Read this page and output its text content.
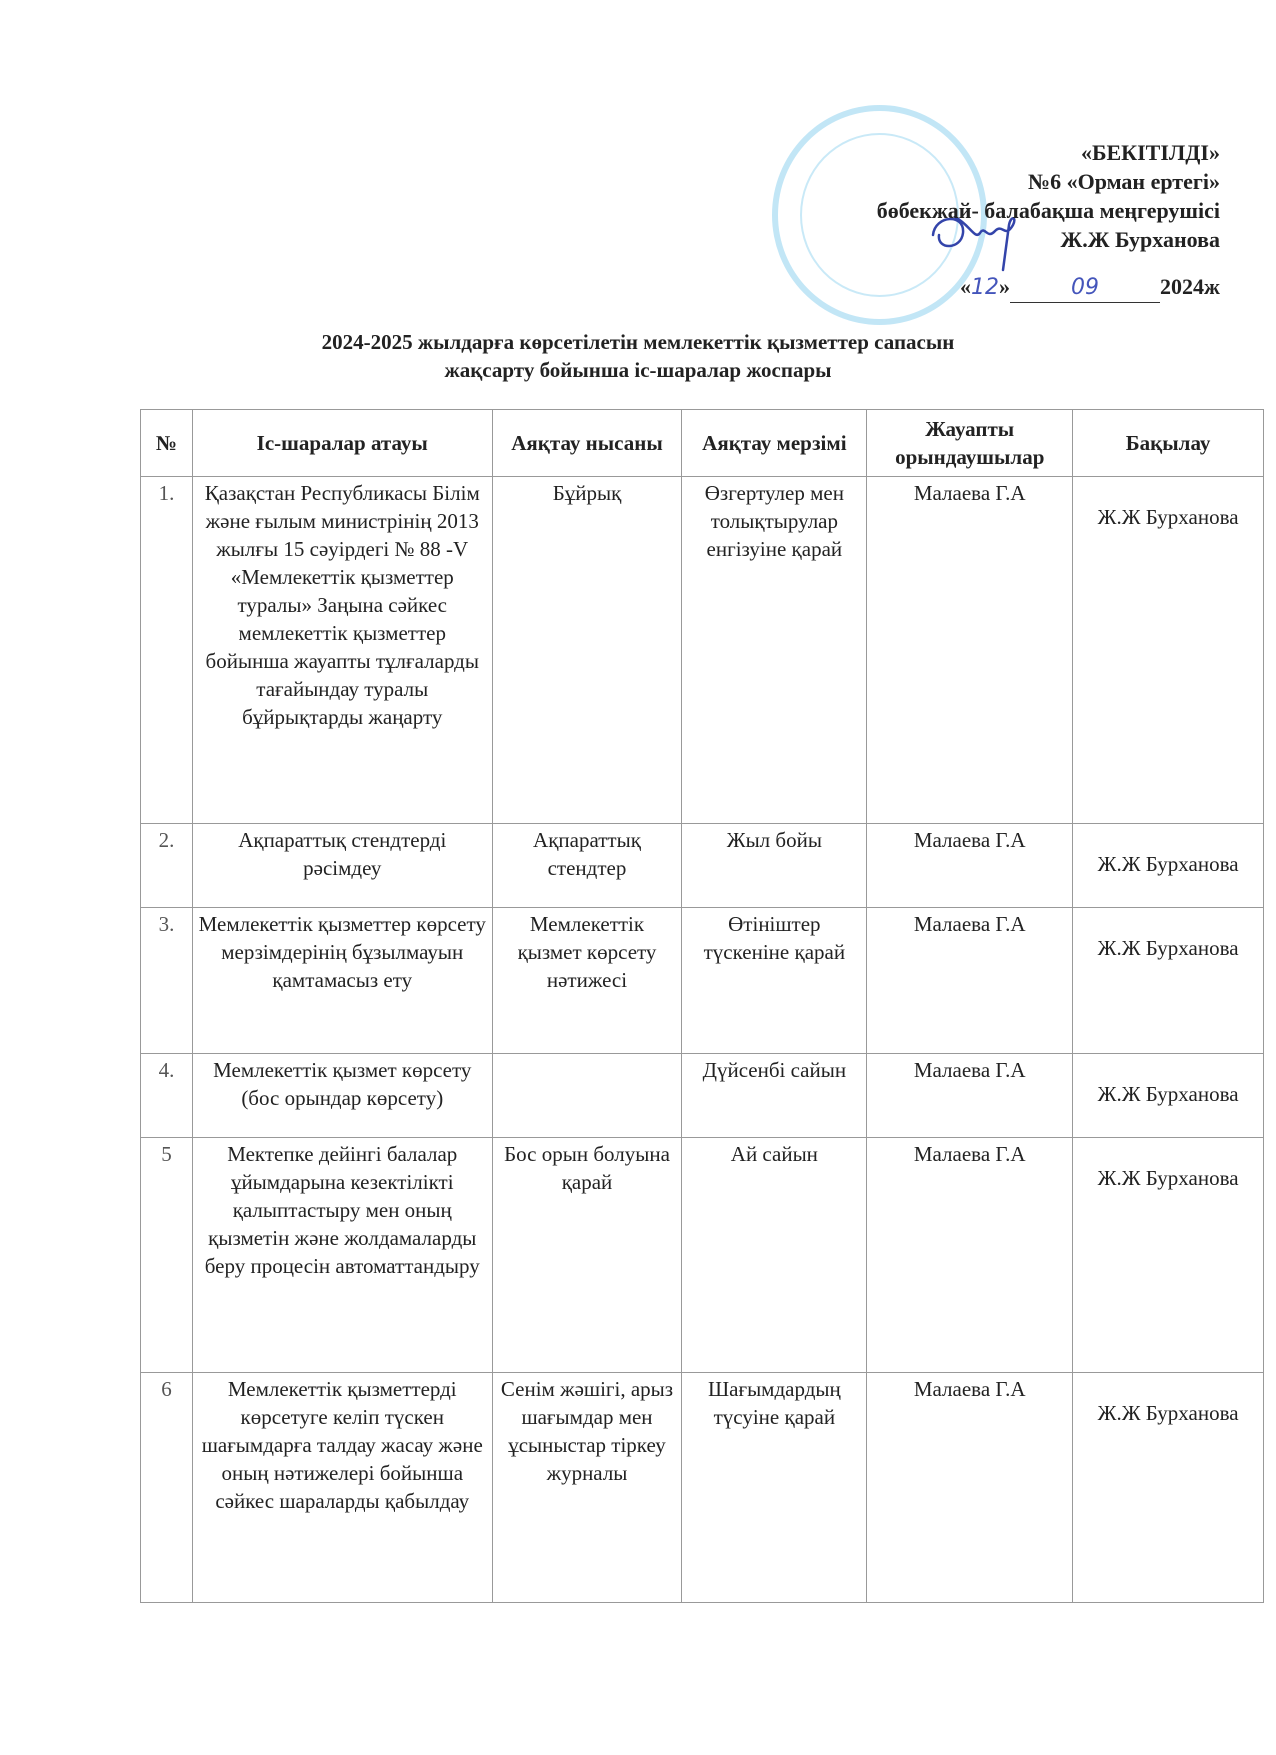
«БЕКІТІЛДІ»
№6 «Орман ертегі»
бөбекжай- балабақша меңгерушісі
Ж.Ж Бурханова
«12»	09	2024ж
2024-2025 жылдарға көрсетілетін мемлекеттік қызметтер сапасын
жақсарту бойынша іс-шаралар жоспары
№	Іс-шаралар атауы	Аяқтау нысаны	Аяқтау мерзімі	Жауапты орындаушылар	Бақылау
1.	Қазақстан Республикасы Білім және ғылым министрінің 2013 жылғы 15 сәуірдегі № 88 -V «Мемлекеттік қызметтер туралы» Заңына сәйкес мемлекеттік қызметтер бойынша жауапты тұлғаларды тағайындау туралы бұйрықтарды жаңарту	Бұйрық	Өзгертулер мен толықтырулар енгізуіне қарай	Малаева Г.А	Ж.Ж Бурханова
2.	Ақпараттық стендтерді рәсімдеу	Ақпараттық стендтер	Жыл бойы	Малаева Г.А	Ж.Ж Бурханова
3.	Мемлекеттік қызметтер көрсету мерзімдерінің бұзылмауын қамтамасыз ету	Мемлекеттік қызмет көрсету нәтижесі	Өтініштер түскеніне қарай	Малаева Г.А	Ж.Ж Бурханова
4.	Мемлекеттік қызмет көрсету (бос орындар көрсету)		Дүйсенбі сайын	Малаева Г.А	Ж.Ж Бурханова
5	Мектепке дейінгі балалар ұйымдарына кезектілікті қалыптастыру мен оның қызметін және жолдамаларды беру процесін автоматтандыру	Бос орын болуына қарай	Ай сайын	Малаева Г.А	Ж.Ж Бурханова
6	Мемлекеттік қызметтерді көрсетуге келіп түскен шағымдарға талдау жасау және оның нәтижелері бойынша сәйкес шараларды қабылдау	Сенім жәшігі, арыз шағымдар мен ұсыныстар тіркеу журналы	Шағымдардың түсуіне қарай	Малаева Г.А	Ж.Ж Бурханова
